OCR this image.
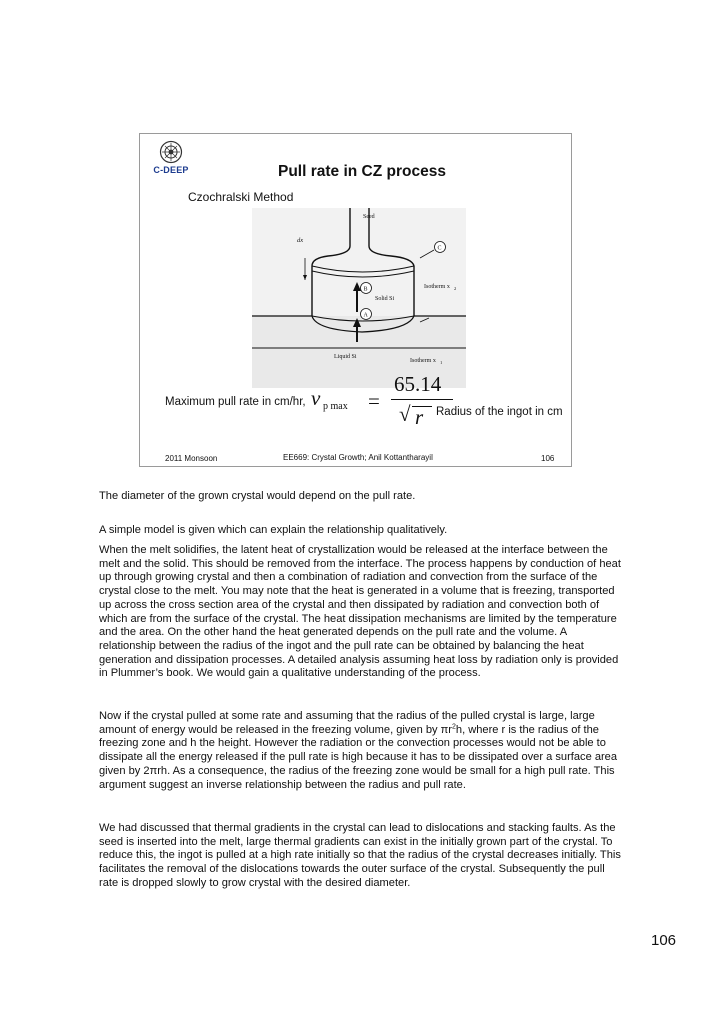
C-DEEP	Pull rate in CZ process
Czochralski Method
Seed
dx
C
B
A
Isotherm x 2
Solid Si
Liquid Si
Isotherm x 1
Maximum pull rate in cm/hr, v p max =
65.14
√ r Radius of the ingot in cm
2011 Monsoon	EE669: Crystal Growth; Anil Kottantharayil	106

The diameter of the grown crystal would depend on the pull rate.

A simple model is given which can explain the relationship qualitatively.

When the melt solidifies, the latent heat of crystallization would be released at the interface between the melt and the solid. This should be removed from the interface. The process happens by conduction of heat up through growing crystal and then a combination of radiation and convection from the surface of the crystal close to the melt. You may note that the heat is generated in a volume that is freezing, transported up across the cross section area of the crystal and then dissipated by radiation and convection both of which are from the surface of the crystal. The heat dissipation mechanisms are limited by the temperature and the area. On the other hand the heat generated depends on the pull rate and the volume. A relationship between the radius of the ingot and the pull rate can be obtained by balancing the heat generation and dissipation processes. A detailed analysis assuming heat loss by radiation only is provided in Plummer’s book. We would gain a qualitative understanding of the process.

Now if the crystal pulled at some rate and assuming that the radius of the pulled crystal is large, large amount of energy would be released in the freezing volume, given by $\pi r^2h$, where r is the radius of the freezing zone and h the height. However the radiation or the convection processes would not be able to dissipate all the energy released if the pull rate is high because it has to be dissipated over a surface area given by 2πrh. As a consequence, the radius of the freezing zone would be small for a high pull rate. This argument suggest an inverse relationship between the radius and pull rate.

We had discussed that thermal gradients in the crystal can lead to dislocations and stacking faults. As the seed is inserted into the melt, large thermal gradients can exist in the initially grown part of the crystal. To reduce this, the ingot is pulled at a high rate initially so that the radius of the crystal decreases initially. This facilitates the removal of the dislocations towards the outer surface of the crystal. Subsequently the pull rate is dropped slowly to grow crystal with the desired diameter.

106
